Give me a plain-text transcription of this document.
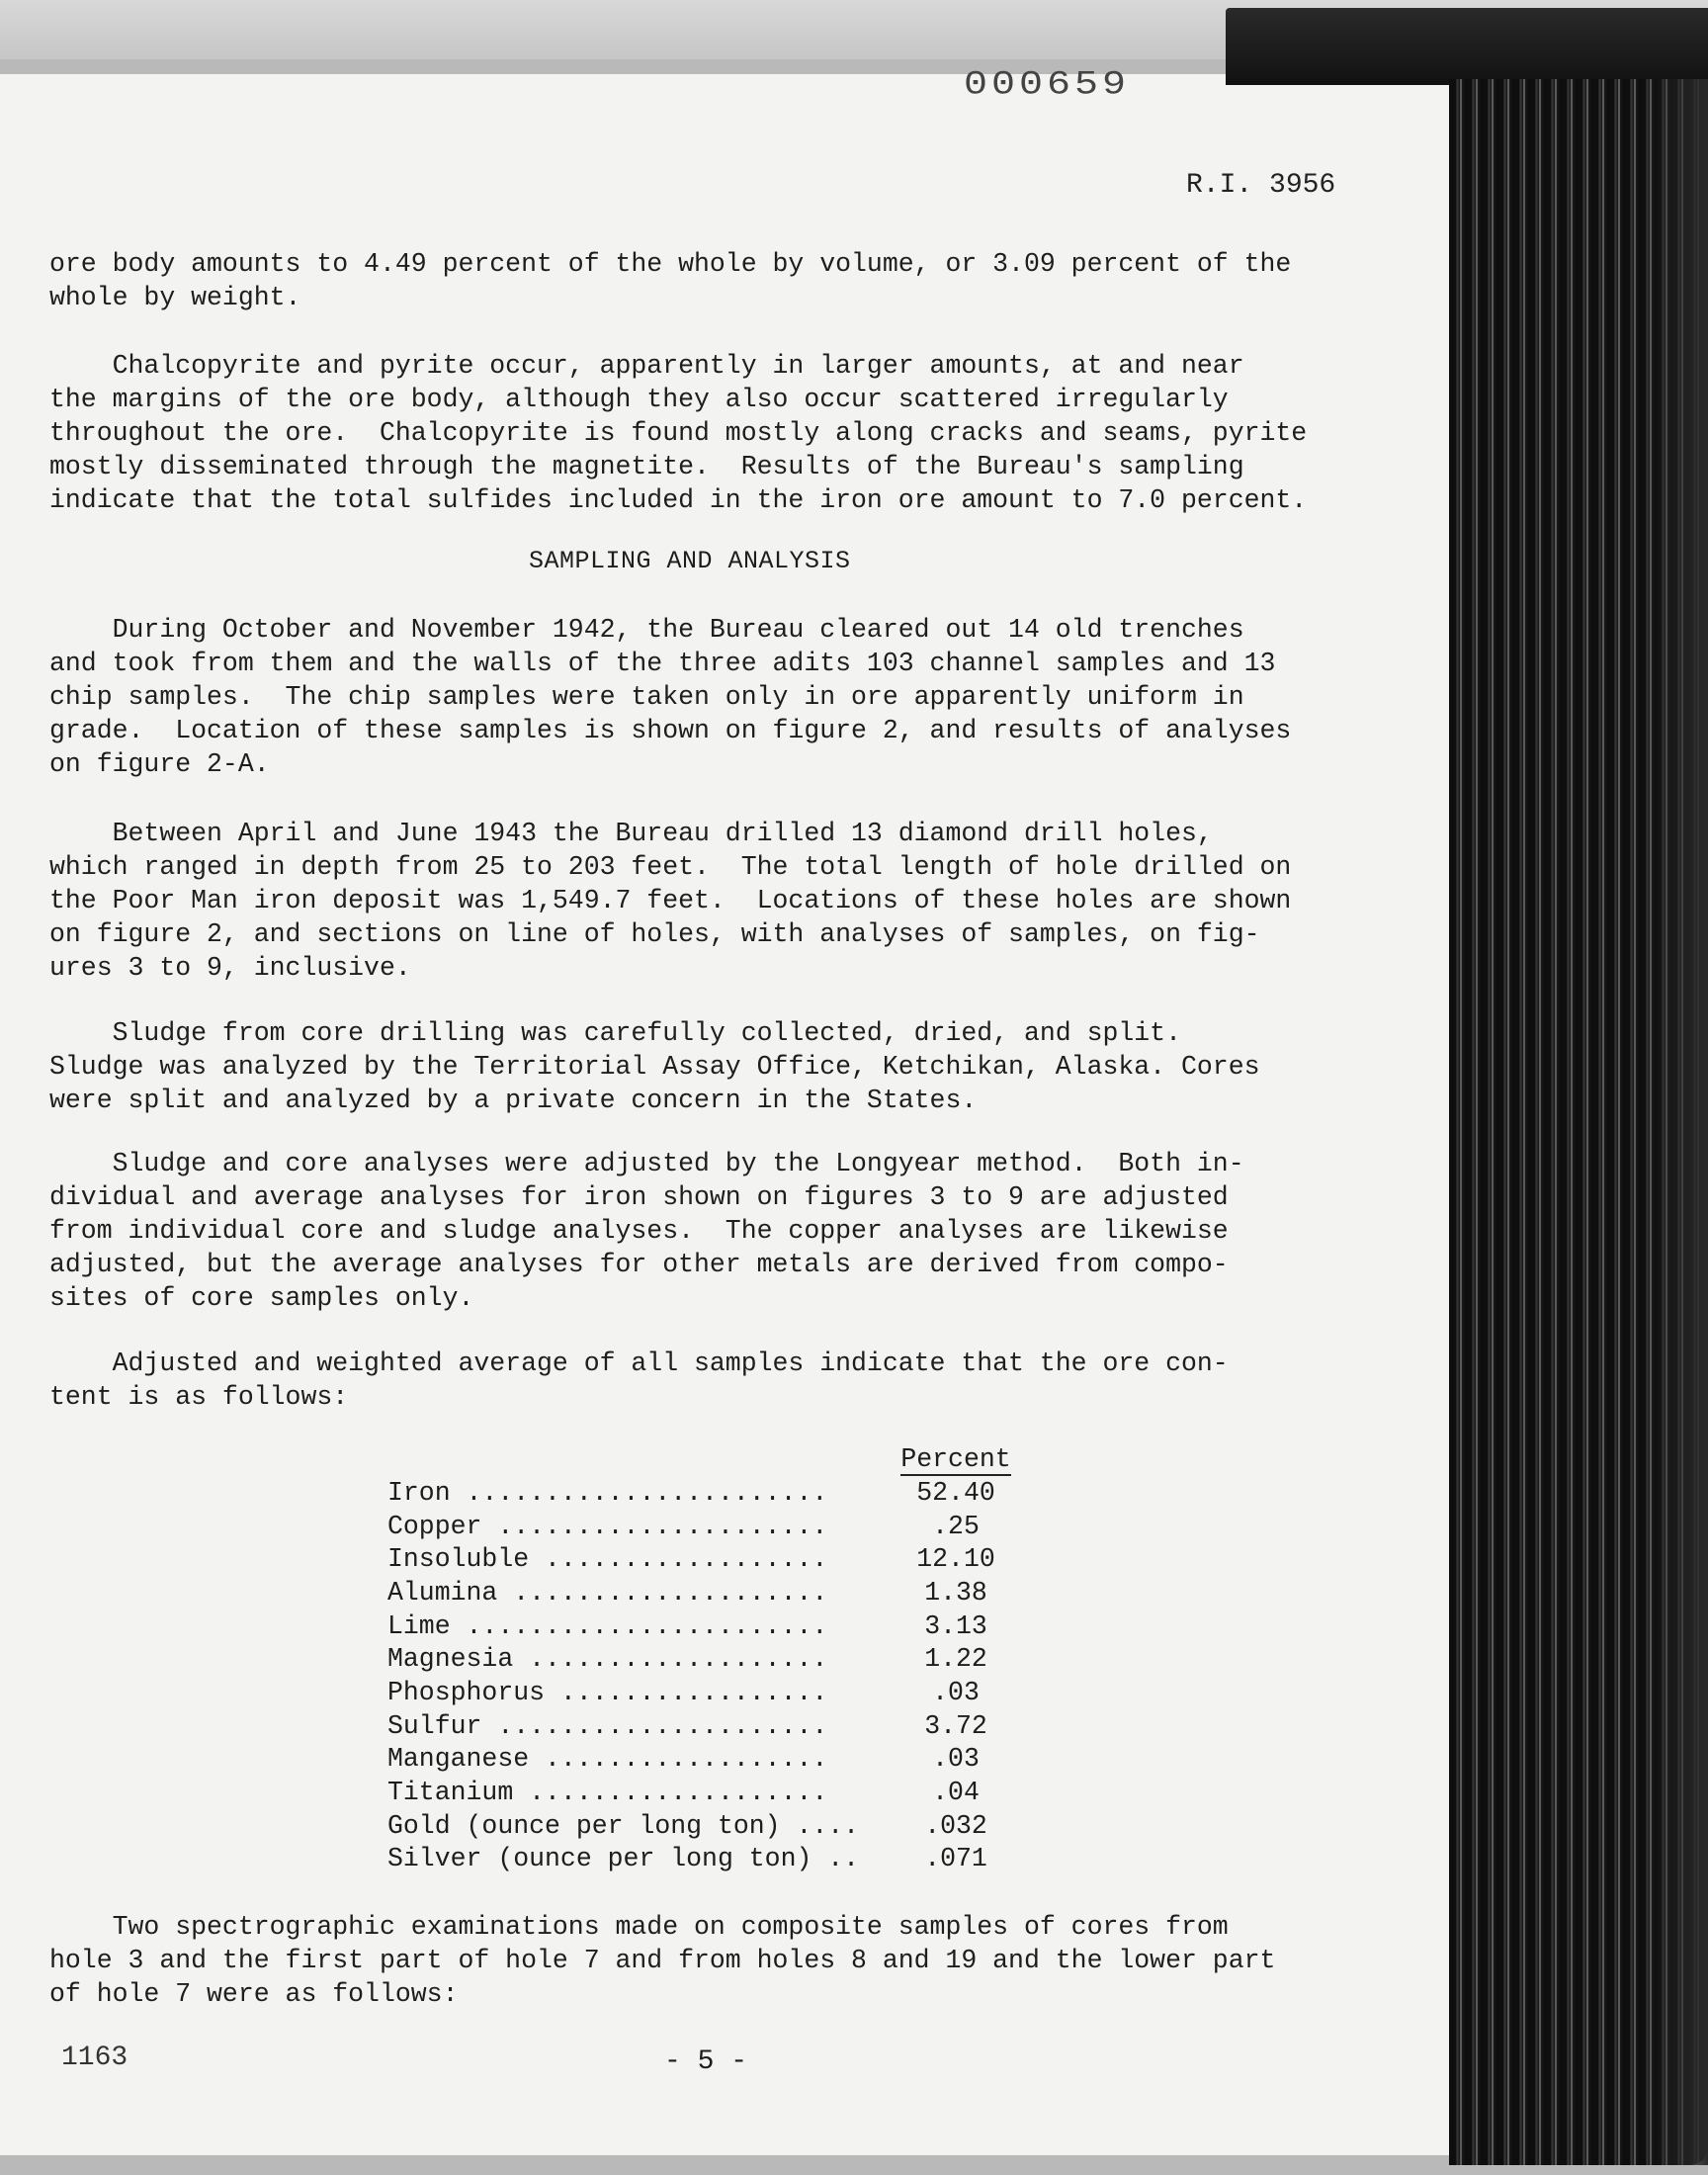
000659
R.I. 3956
ore body amounts to 4.49 percent of the whole by volume, or 3.09 percent of the
whole by weight.
Chalcopyrite and pyrite occur, apparently in larger amounts, at and near
the margins of the ore body, although they also occur scattered irregularly
throughout the ore.  Chalcopyrite is found mostly along cracks and seams, pyrite
mostly disseminated through the magnetite.  Results of the Bureau's sampling
indicate that the total sulfides included in the iron ore amount to 7.0 percent.
SAMPLING AND ANALYSIS
During October and November 1942, the Bureau cleared out 14 old trenches
and took from them and the walls of the three adits 103 channel samples and 13
chip samples.  The chip samples were taken only in ore apparently uniform in
grade.  Location of these samples is shown on figure 2, and results of analyses
on figure 2-A.
Between April and June 1943 the Bureau drilled 13 diamond drill holes,
which ranged in depth from 25 to 203 feet.  The total length of hole drilled on
the Poor Man iron deposit was 1,549.7 feet.  Locations of these holes are shown
on figure 2, and sections on line of holes, with analyses of samples, on fig-
ures 3 to 9, inclusive.
Sludge from core drilling was carefully collected, dried, and split.
Sludge was analyzed by the Territorial Assay Office, Ketchikan, Alaska. Cores
were split and analyzed by a private concern in the States.
Sludge and core analyses were adjusted by the Longyear method.  Both in-
dividual and average analyses for iron shown on figures 3 to 9 are adjusted
from individual core and sludge analyses.  The copper analyses are likewise
adjusted, but the average analyses for other metals are derived from compo-
sites of core samples only.
Adjusted and weighted average of all samples indicate that the ore con-
tent is as follows:
	Percent
Iron .......................	52.40
Copper .....................	.25
Insoluble ..................	12.10
Alumina ....................	1.38
Lime .......................	3.13
Magnesia ...................	1.22
Phosphorus .................	.03
Sulfur .....................	3.72
Manganese ..................	.03
Titanium ...................	.04
Gold (ounce per long ton) ....	.032
Silver (ounce per long ton) ..	.071
Two spectrographic examinations made on composite samples of cores from
hole 3 and the first part of hole 7 and from holes 8 and 19 and the lower part
of hole 7 were as follows:
1163	- 5 -
